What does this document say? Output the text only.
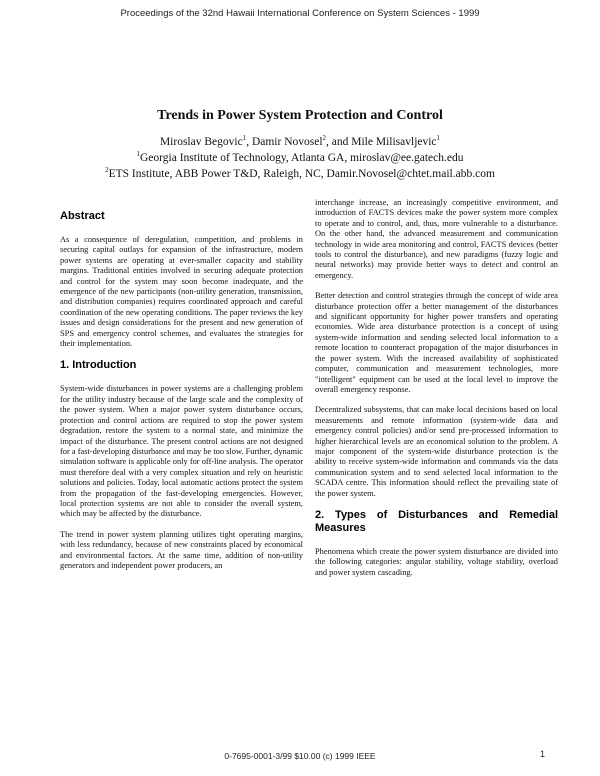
Proceedings of the 32nd Hawaii International Conference on System Sciences - 1999
Trends in Power System Protection and Control
Miroslav Begovic$^1$, Damir Novosel$^2$, and Mile Milisavljevic$^1$
$^1$Georgia Institute of Technology, Atlanta GA, miroslav@ee.gatech.edu
$^2$ETS Institute, ABB Power T&D, Raleigh, NC, Damir.Novosel@chtet.mail.abb.com
Abstract

As a consequence of deregulation, competition, and problems in securing capital outlays for expansion of the infrastructure, modern power systems are operating at ever-smaller capacity and stability margins. Traditional entities involved in securing adequate protection and control for the system may soon become inadequate, and the emergence of the new participants (non-utility generation, transmission, and distribution companies) requires coordinated approach and careful coordination of the new operating conditions. The paper reviews the key issues and design considerations for the present and new generation of SPS and emergency control schemes, and evaluates the strategies for their implementation.

1. Introduction

System-wide disturbances in power systems are a challenging problem for the utility industry because of the large scale and the complexity of the power system. When a major power system disturbance occurs, protection and control actions are required to stop the power system degradation, restore the system to a normal state, and minimize the impact of the disturbance. The present control actions are not designed for a fast-developing disturbance and may be too slow. Further, dynamic simulation software is applicable only for off-line analysis. The operator must therefore deal with a very complex situation and rely on heuristic solutions and policies. Today, local automatic actions protect the system from the propagation of the fast-developing emergencies. However, local protection systems are not able to consider the overall system, which may be affected by the disturbance.

The trend in power system planning utilizes tight operating margins, with less redundancy, because of new constraints placed by economical and environmental factors. At the same time, addition of non-utility generators and independent power producers, an

interchange increase, an increasingly competitive environment, and introduction of FACTS devices make the power system more complex to operate and to control, and, thus, more vulnerable to a disturbance. On the other hand, the advanced measurement and communication technology in wide area monitoring and control, FACTS devices (better tools to control the disturbance), and new paradigms (fuzzy logic and neural networks) may provide better ways to detect and control an emergency.

Better detection and control strategies through the concept of wide area disturbance protection offer a better management of the disturbances and significant opportunity for higher power transfers and operating economies. Wide area disturbance protection is a concept of using system-wide information and sending selected local information to a remote location to counteract propagation of the major disturbances in the power system. With the increased availability of sophisticated computer, communication and measurement technologies, more "intelligent" equipment can be used at the local level to improve the overall emergency response.

Decentralized subsystems, that can make local decisions based on local measurements and remote information (system-wide data and emergency control policies) and/or send pre-processed information to higher hierarchical levels are an economical solution to the problem. A major component of the system-wide disturbance protection is the ability to receive system-wide information and commands via the data communication system and to send selected local information to the SCADA centre. This information should reflect the prevailing state of the power system.

2. Types of Disturbances and Remedial Measures

Phenomena which create the power system disturbance are divided into the following categories: angular stability, voltage stability, overload and power system cascading.

0-7695-0001-3/99 $10.00 (c) 1999 IEEE	1
